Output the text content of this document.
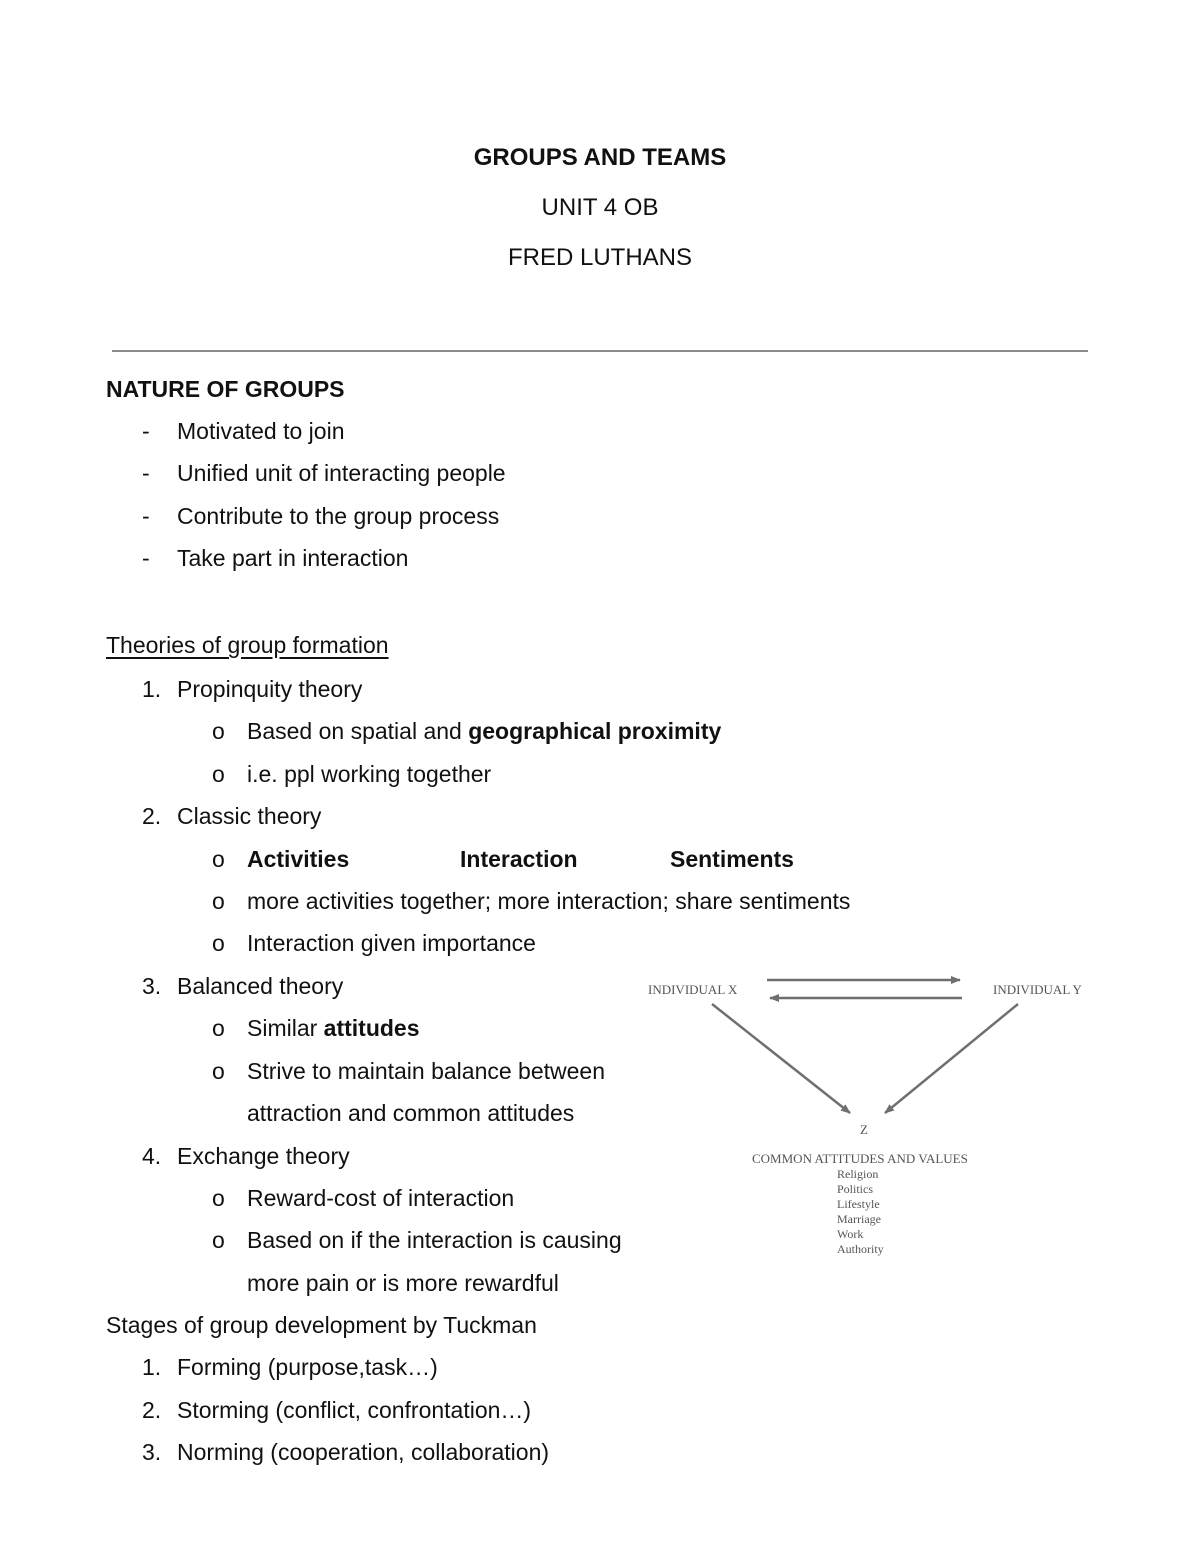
GROUPS AND TEAMS
UNIT 4 OB
FRED LUTHANS
NATURE OF GROUPS
- Motivated to join
- Unified unit of interacting people
- Contribute to the group process
- Take part in interaction
Theories of group formation
1. Propinquity theory
o Based on spatial and geographical proximity
o i.e. ppl working together
2. Classic theory
o Activities	Interaction	Sentiments
o more activities together; more interaction; share sentiments
o Interaction given importance
3. Balanced theory
o Similar attitudes
o Strive to maintain balance between
attraction and common attitudes
4. Exchange theory
o Reward-cost of interaction
o Based on if the interaction is causing
more pain or is more rewardful
Stages of group development by Tuckman
1. Forming (purpose,task…)
2. Storming (conflict, confrontation…)
3. Norming (cooperation, collaboration)
INDIVIDUAL X	INDIVIDUAL Y
Z
COMMON ATTITUDES AND VALUES
Religion
Politics
Lifestyle
Marriage
Work
Authority
